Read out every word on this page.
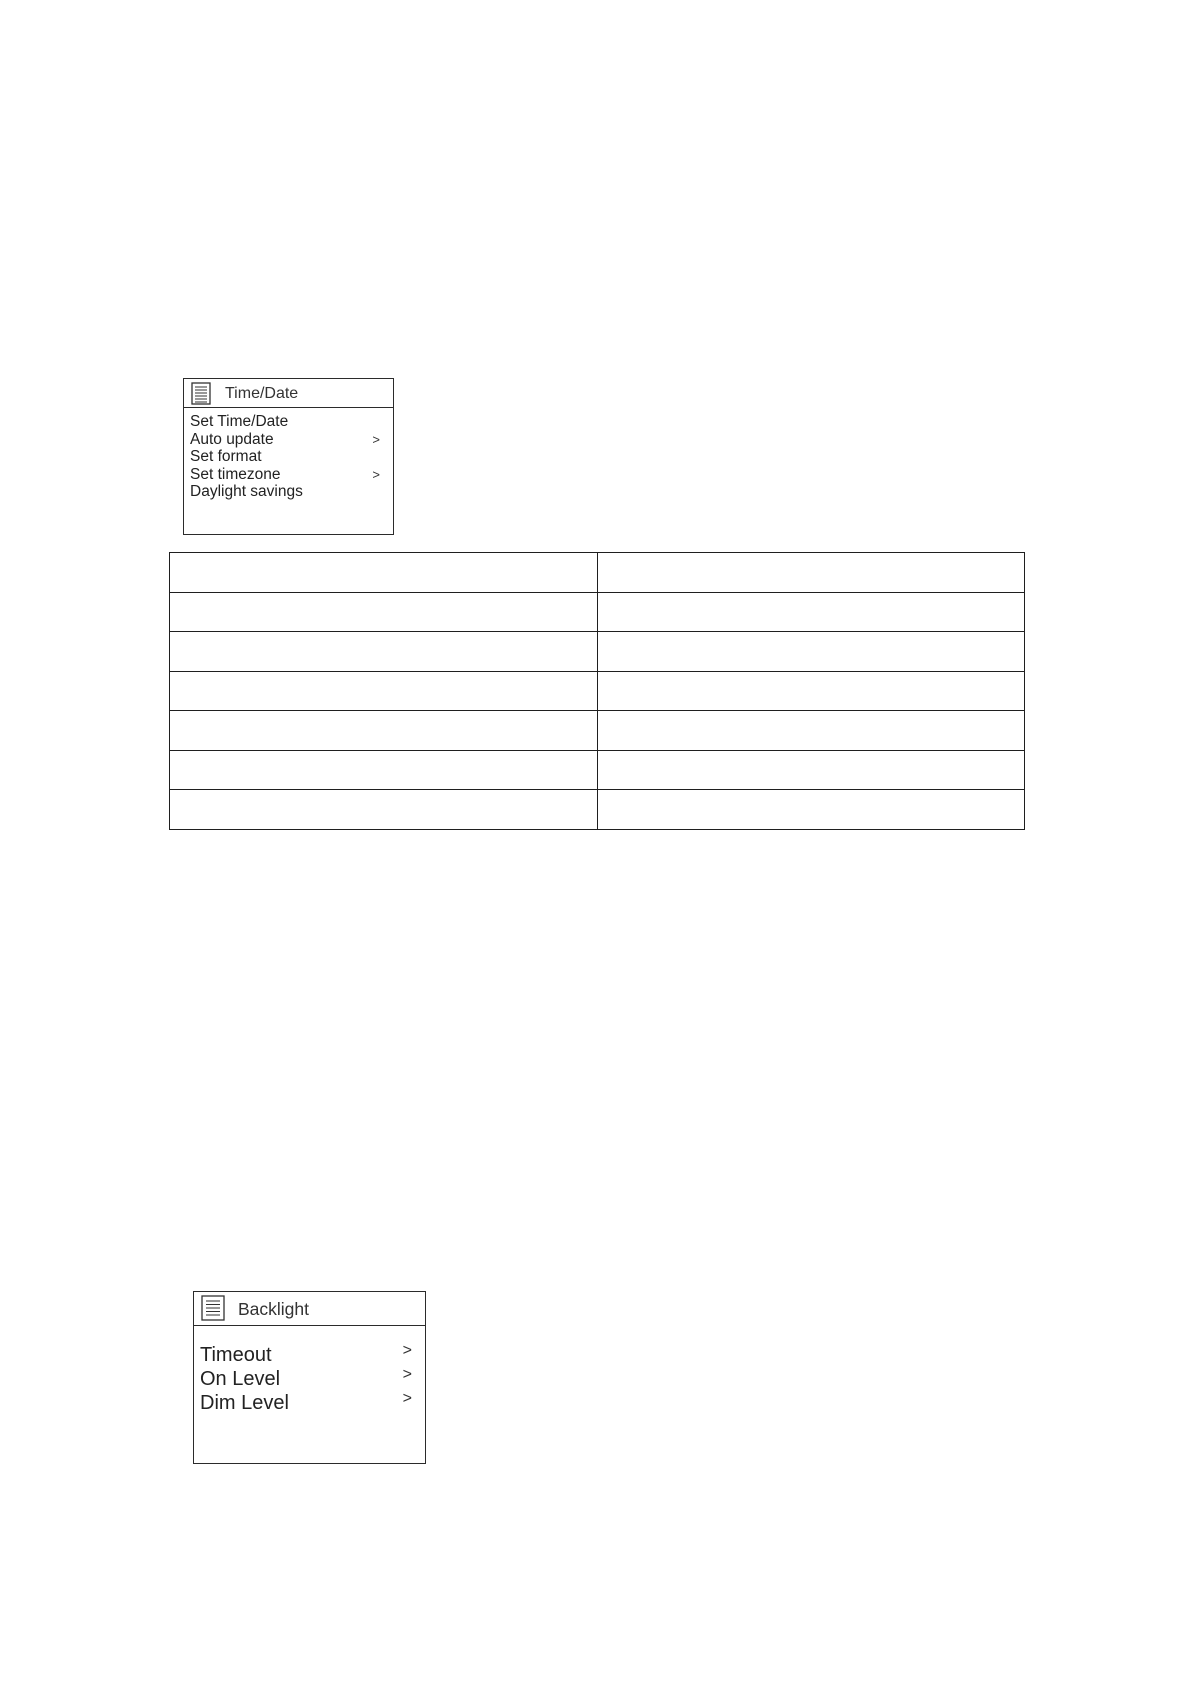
Time/Date
Set Time/Date
Auto update	>
Set format
Set timezone	>
Daylight savings

Backlight
Timeout	>
On Level	>
Dim Level	>
